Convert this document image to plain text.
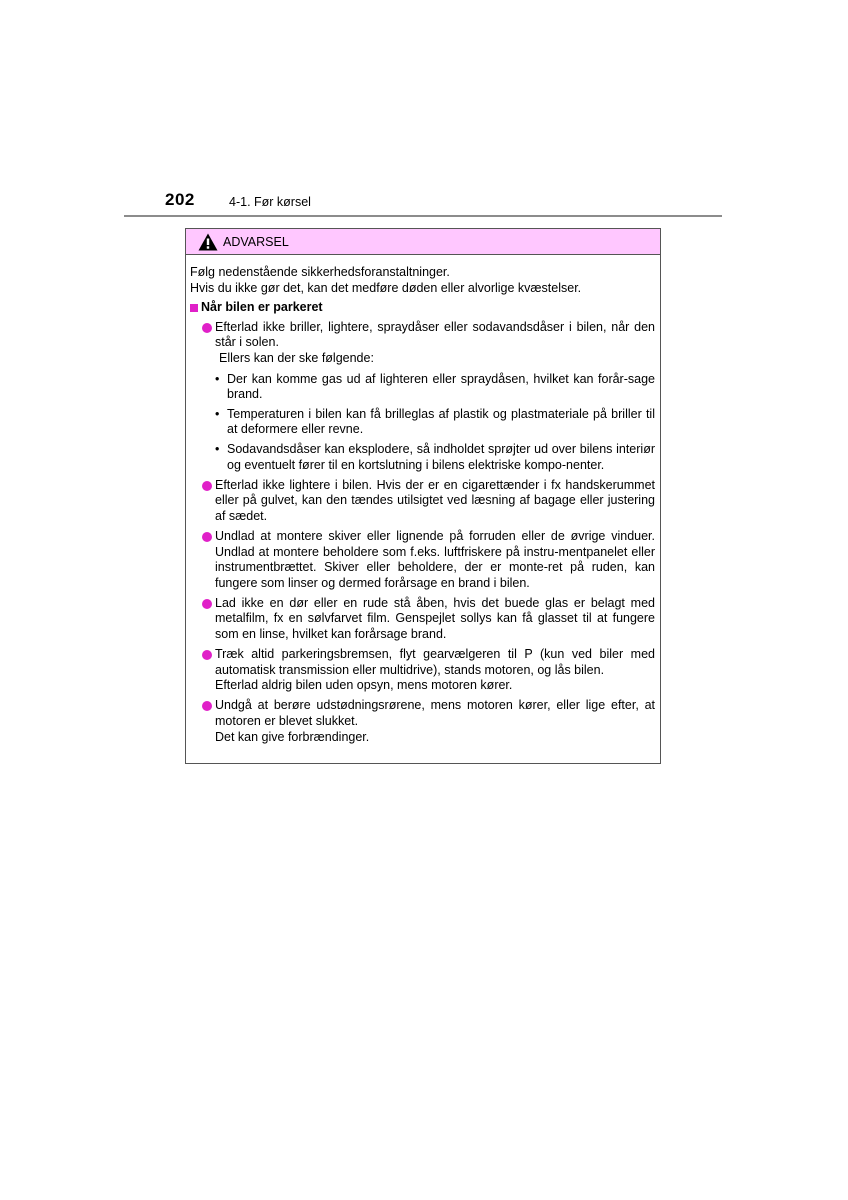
202	4-1. Før kørsel
ADVARSEL

Følg nedenstående sikkerhedsforanstaltninger.

Hvis du ikke gør det, kan det medføre døden eller alvorlige kvæstelser.

Når bilen er parkeret

Efterlad ikke briller, lightere, spraydåser eller sodavandsdåser i bilen, når den står i solen.

Ellers kan der ske følgende:

• Der kan komme gas ud af lighteren eller spraydåsen, hvilket kan forår-sage brand.
• Temperaturen i bilen kan få brilleglas af plastik og plastmateriale på briller til at deformere eller revne.
• Sodavandsdåser kan eksplodere, så indholdet sprøjter ud over bilens interiør og eventuelt fører til en kortslutning i bilens elektriske kompo-nenter.

Efterlad ikke lightere i bilen. Hvis der er en cigarettænder i fx handskerummet eller på gulvet, kan den tændes utilsigtet ved læsning af bagage eller justering af sædet.

Undlad at montere skiver eller lignende på forruden eller de øvrige vinduer. Undlad at montere beholdere som f.eks. luftfriskere på instru-mentpanelet eller instrumentbrættet. Skiver eller beholdere, der er monte-ret på ruden, kan fungere som linser og dermed forårsage en brand i bilen.

Lad ikke en dør eller en rude stå åben, hvis det buede glas er belagt med metalfilm, fx en sølvfarvet film. Genspejlet sollys kan få glasset til at fungere som en linse, hvilket kan forårsage brand.

Træk altid parkeringsbremsen, flyt gearvælgeren til P (kun ved biler med automatisk transmission eller multidrive), stands motoren, og lås bilen.

Efterlad aldrig bilen uden opsyn, mens motoren kører.

Undgå at berøre udstødningsrørene, mens motoren kører, eller lige efter, at motoren er blevet slukket.

Det kan give forbrændinger.
